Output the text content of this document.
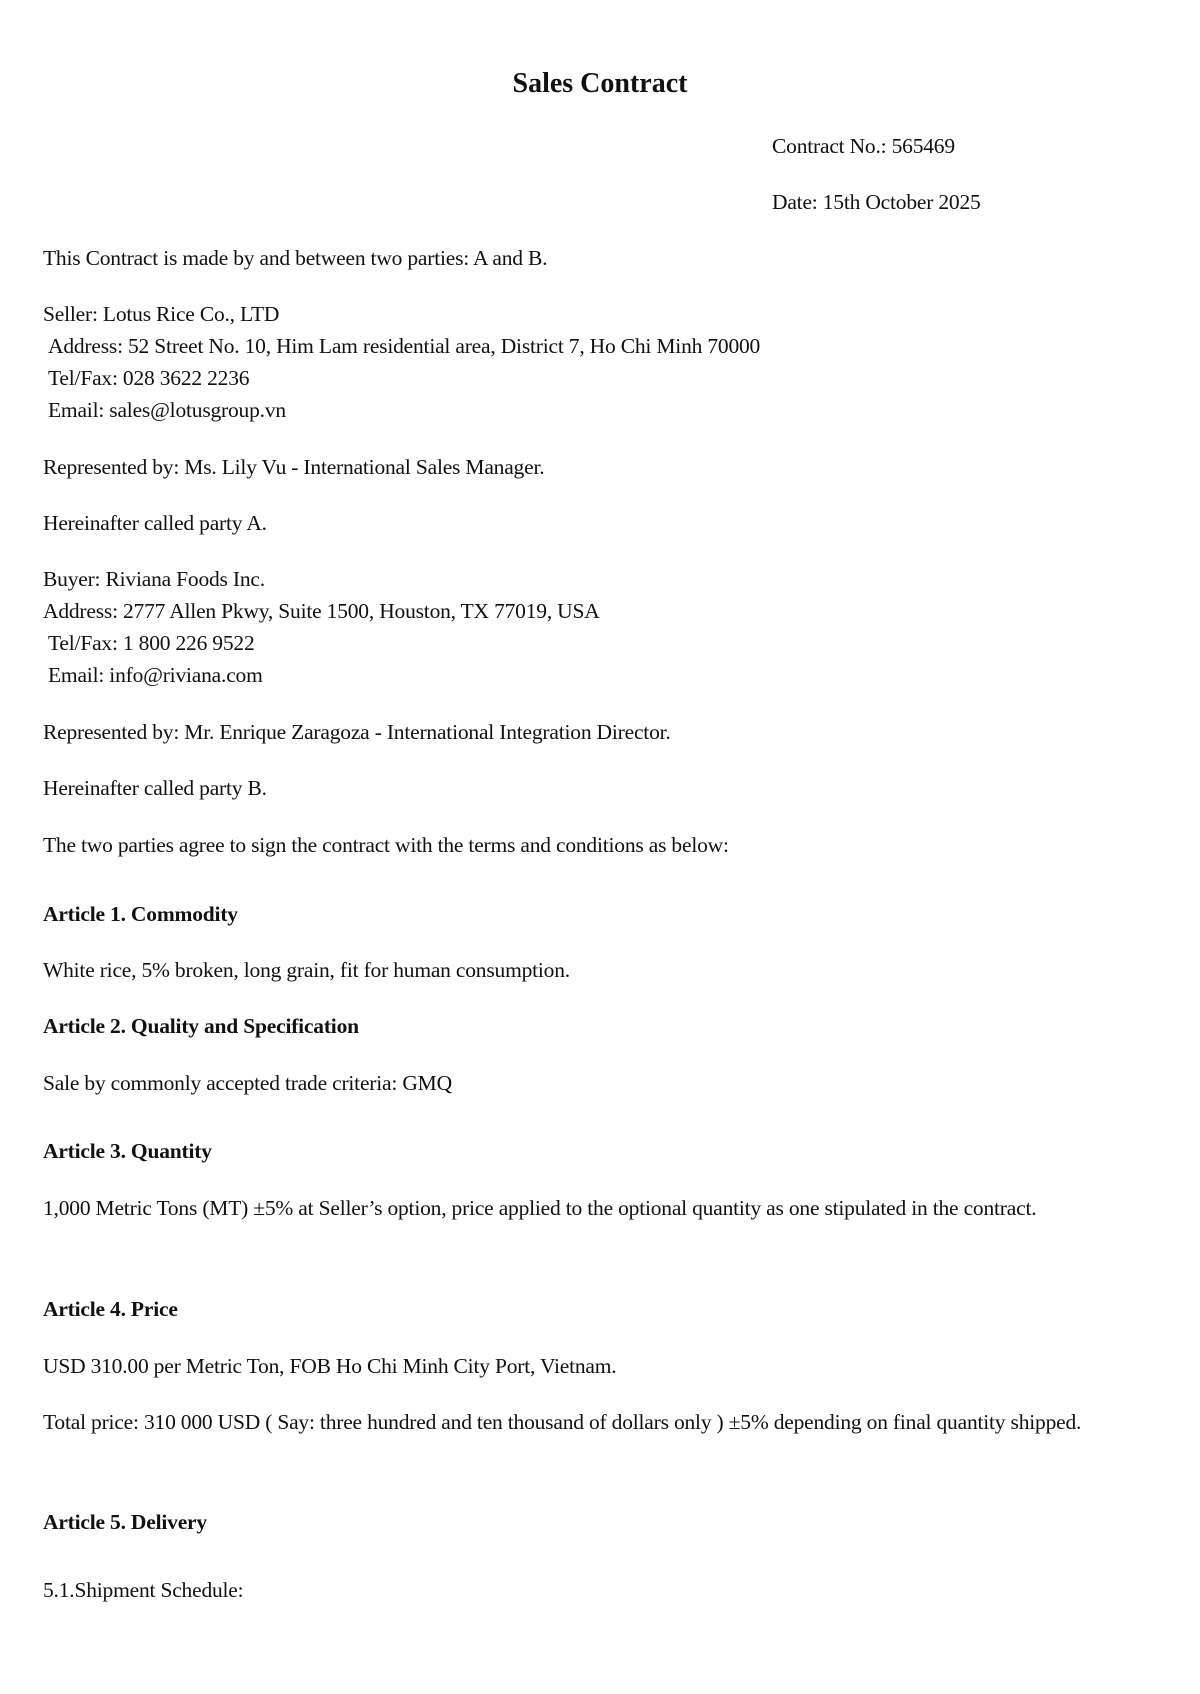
Sales Contract
Contract No.: 565469
Date: 15th October 2025
This Contract is made by and between two parties: A and B.
Seller: Lotus Rice Co., LTD
Address: 52 Street No. 10, Him Lam residential area, District 7, Ho Chi Minh 70000
Tel/Fax: 028 3622 2236
Email: sales@lotusgroup.vn
Represented by: Ms. Lily Vu - International Sales Manager.
Hereinafter called party A.
Buyer: Riviana Foods Inc.
Address: 2777 Allen Pkwy, Suite 1500, Houston, TX 77019, USA
Tel/Fax: 1 800 226 9522
Email: info@riviana.com
Represented by: Mr. Enrique Zaragoza - International Integration Director.
Hereinafter called party B.
The two parties agree to sign the contract with the terms and conditions as below:
Article 1. Commodity
White rice, 5% broken, long grain, fit for human consumption.
Article 2. Quality and Specification
Sale by commonly accepted trade criteria: GMQ
Article 3. Quantity
1,000 Metric Tons (MT) ±5% at Seller’s option, price applied to the optional quantity as one stipulated in the contract.
Article 4. Price
USD 310.00 per Metric Ton, FOB Ho Chi Minh City Port, Vietnam.
Total price: 310 000 USD ( Say: three hundred and ten thousand of dollars only ) ±5% depending on final quantity shipped.
Article 5. Delivery
5.1.Shipment Schedule:
